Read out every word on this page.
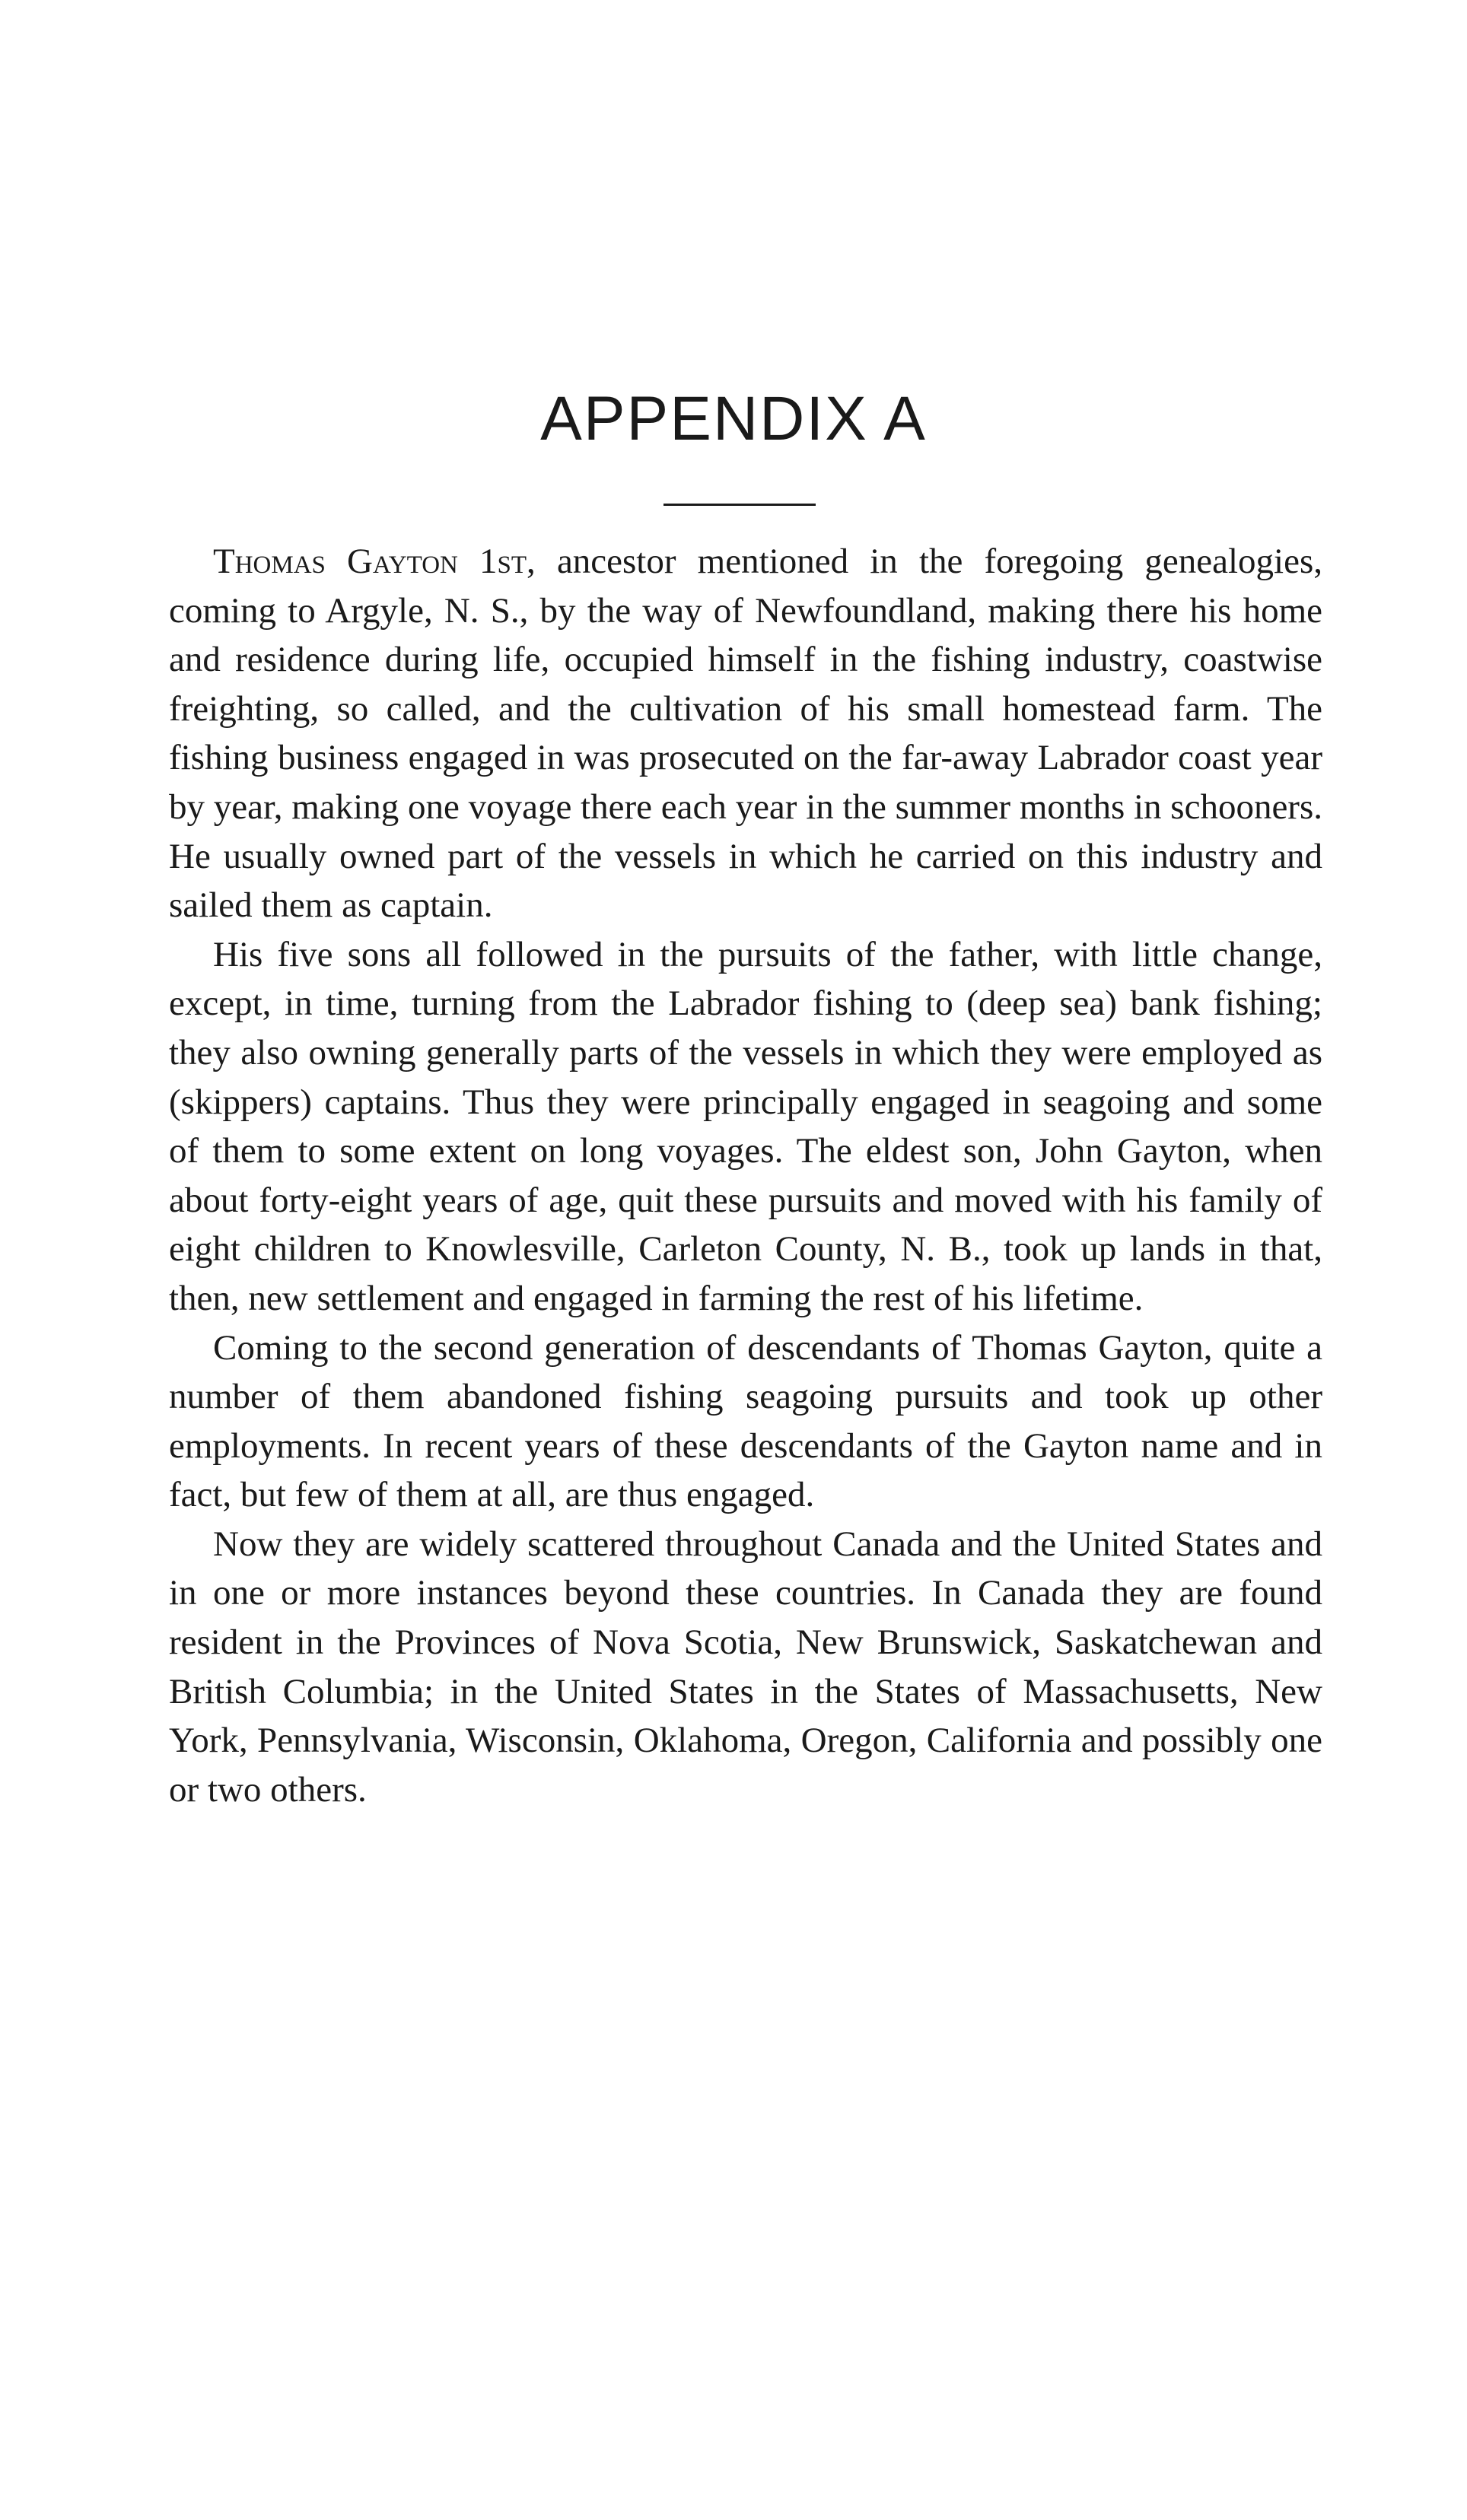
APPENDIX A

Thomas Gayton 1st, ancestor mentioned in the foregoing genealogies, coming to Argyle, N. S., by the way of Newfoundland, making there his home and residence during life, occupied himself in the fishing industry, coastwise freighting, so called, and the cultivation of his small homestead farm. The fishing business engaged in was prosecuted on the far-away Labrador coast year by year, making one voyage there each year in the summer months in schooners. He usually owned part of the vessels in which he carried on this industry and sailed them as captain.

His five sons all followed in the pursuits of the father, with little change, except, in time, turning from the Labrador fishing to (deep sea) bank fishing; they also owning generally parts of the vessels in which they were employed as (skippers) captains. Thus they were principally engaged in seagoing and some of them to some extent on long voyages. The eldest son, John Gayton, when about forty-eight years of age, quit these pursuits and moved with his family of eight children to Knowlesville, Carleton County, N. B., took up lands in that, then, new settlement and engaged in farming the rest of his lifetime.

Coming to the second generation of descendants of Thomas Gayton, quite a number of them abandoned fishing seagoing pursuits and took up other employments. In recent years of these descendants of the Gayton name and in fact, but few of them at all, are thus engaged.

Now they are widely scattered throughout Canada and the United States and in one or more instances beyond these countries. In Canada they are found resident in the Provinces of Nova Scotia, New Brunswick, Saskatchewan and British Columbia; in the United States in the States of Massachusetts, New York, Pennsylvania, Wisconsin, Oklahoma, Oregon, California and possibly one or two others.
